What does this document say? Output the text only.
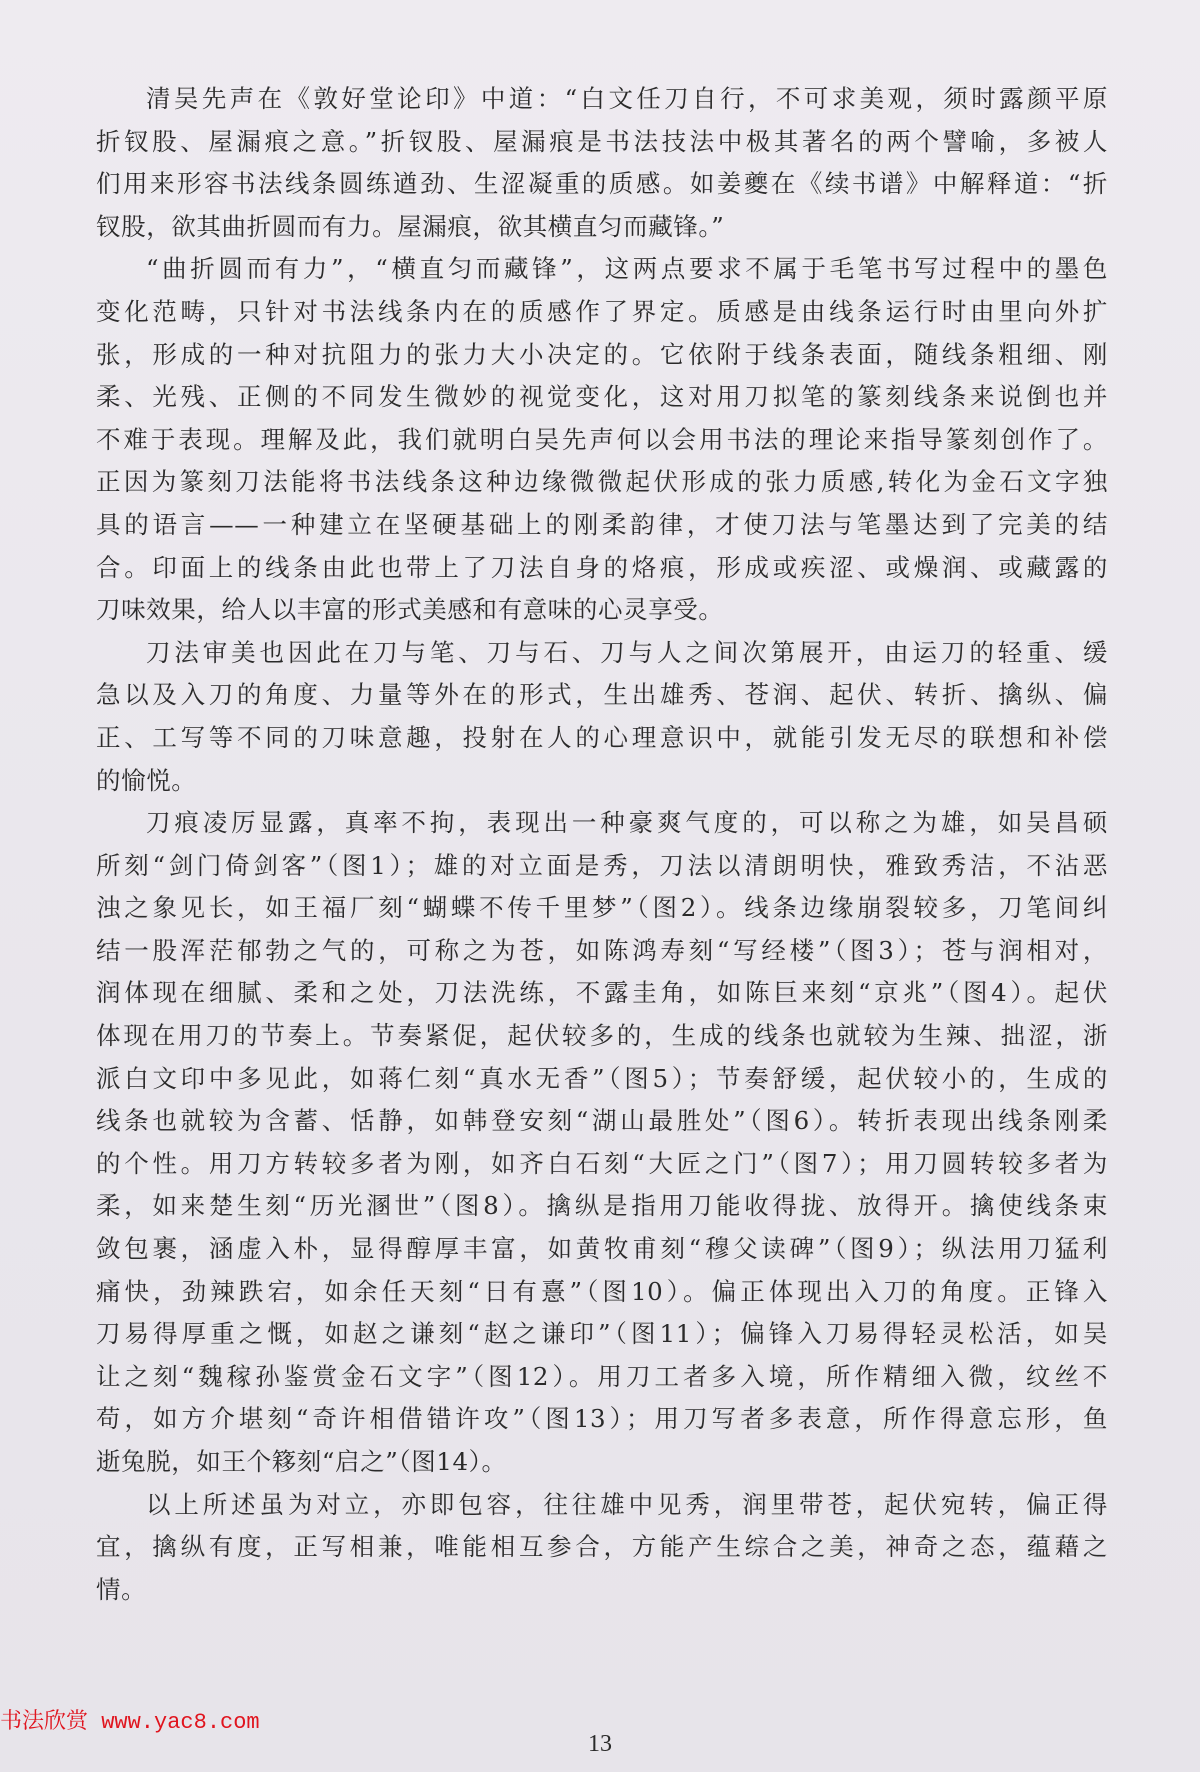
清吴先声在《敦好堂论印》中道：“白文任刀自行，不可求美观，须时露颜平原
折钗股、屋漏痕之意。”折钗股、屋漏痕是书法技法中极其著名的两个譬喻，多被人
们用来形容书法线条圆练遒劲、生涩凝重的质感。如姜夔在《续书谱》中解释道：“折
钗股，欲其曲折圆而有力。屋漏痕，欲其横直匀而藏锋。”

“曲折圆而有力”，“横直匀而藏锋”，这两点要求不属于毛笔书写过程中的墨色
变化范畴，只针对书法线条内在的质感作了界定。质感是由线条运行时由里向外扩
张，形成的一种对抗阻力的张力大小决定的。它依附于线条表面，随线条粗细、刚
柔、光残、正侧的不同发生微妙的视觉变化，这对用刀拟笔的篆刻线条来说倒也并
不难于表现。理解及此，我们就明白吴先声何以会用书法的理论来指导篆刻创作了。
正因为篆刻刀法能将书法线条这种边缘微微起伏形成的张力质感,转化为金石文字独
具的语言——一种建立在坚硬基础上的刚柔韵律，才使刀法与笔墨达到了完美的结
合。印面上的线条由此也带上了刀法自身的烙痕，形成或疾涩、或燥润、或藏露的
刀味效果，给人以丰富的形式美感和有意味的心灵享受。

刀法审美也因此在刀与笔、刀与石、刀与人之间次第展开，由运刀的轻重、缓
急以及入刀的角度、力量等外在的形式，生出雄秀、苍润、起伏、转折、擒纵、偏
正、工写等不同的刀味意趣，投射在人的心理意识中，就能引发无尽的联想和补偿
的愉悦。

刀痕凌厉显露，真率不拘，表现出一种豪爽气度的，可以称之为雄，如吴昌硕
所刻“剑门倚剑客”（图1）；雄的对立面是秀，刀法以清朗明快，雅致秀洁，不沾恶
浊之象见长，如王福厂刻“蝴蝶不传千里梦”（图2）。线条边缘崩裂较多，刀笔间纠
结一股浑茫郁勃之气的，可称之为苍，如陈鸿寿刻“写经楼”（图3）；苍与润相对，
润体现在细腻、柔和之处，刀法洗练，不露圭角，如陈巨来刻“京兆”（图4）。起伏
体现在用刀的节奏上。节奏紧促，起伏较多的，生成的线条也就较为生辣、拙涩，浙
派白文印中多见此，如蒋仁刻“真水无香”（图5）；节奏舒缓，起伏较小的，生成的
线条也就较为含蓄、恬静，如韩登安刻“湖山最胜处”（图6）。转折表现出线条刚柔
的个性。用刀方转较多者为刚，如齐白石刻“大匠之门”（图7）；用刀圆转较多者为
柔，如来楚生刻“历光溷世”（图8）。擒纵是指用刀能收得拢、放得开。擒使线条束
敛包裹，涵虚入朴，显得醇厚丰富，如黄牧甫刻“穆父读碑”（图9）；纵法用刀猛利
痛快，劲辣跌宕，如余任天刻“日有憙”（图10）。偏正体现出入刀的角度。正锋入
刀易得厚重之慨，如赵之谦刻“赵之谦印”（图11）；偏锋入刀易得轻灵松活，如吴
让之刻“魏稼孙鉴赏金石文字”（图12）。用刀工者多入境，所作精细入微，纹丝不
苟，如方介堪刻“奇许相借错许攻”（图13）；用刀写者多表意，所作得意忘形，鱼
逝兔脱，如王个簃刻“启之”（图14）。

以上所述虽为对立，亦即包容，往往雄中见秀，润里带苍，起伏宛转，偏正得
宜，擒纵有度，正写相兼，唯能相互参合，方能产生综合之美，神奇之态，蕴藉之
情。

书法欣赏 www.yac8.com
13
